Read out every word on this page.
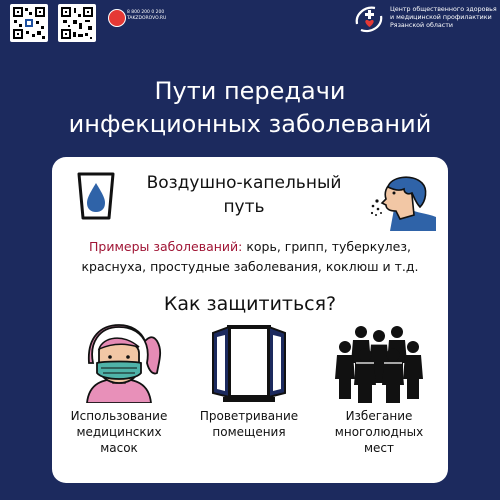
8 800 200 0 200
TAKZDOROVO.RU
Центр общественного здоровья
и медицинской профилактики
Рязанской области
Пути передачи
инфекционных заболеваний
Воздушно-капельный
путь
Примеры заболеваний: корь, грипп, туберкулез,
краснуха, простудные заболевания, коклюш и т.д.
Как защититься?
Использование
медицинских
масок
Проветривание
помещения
Избегание
многолюдных
мест
